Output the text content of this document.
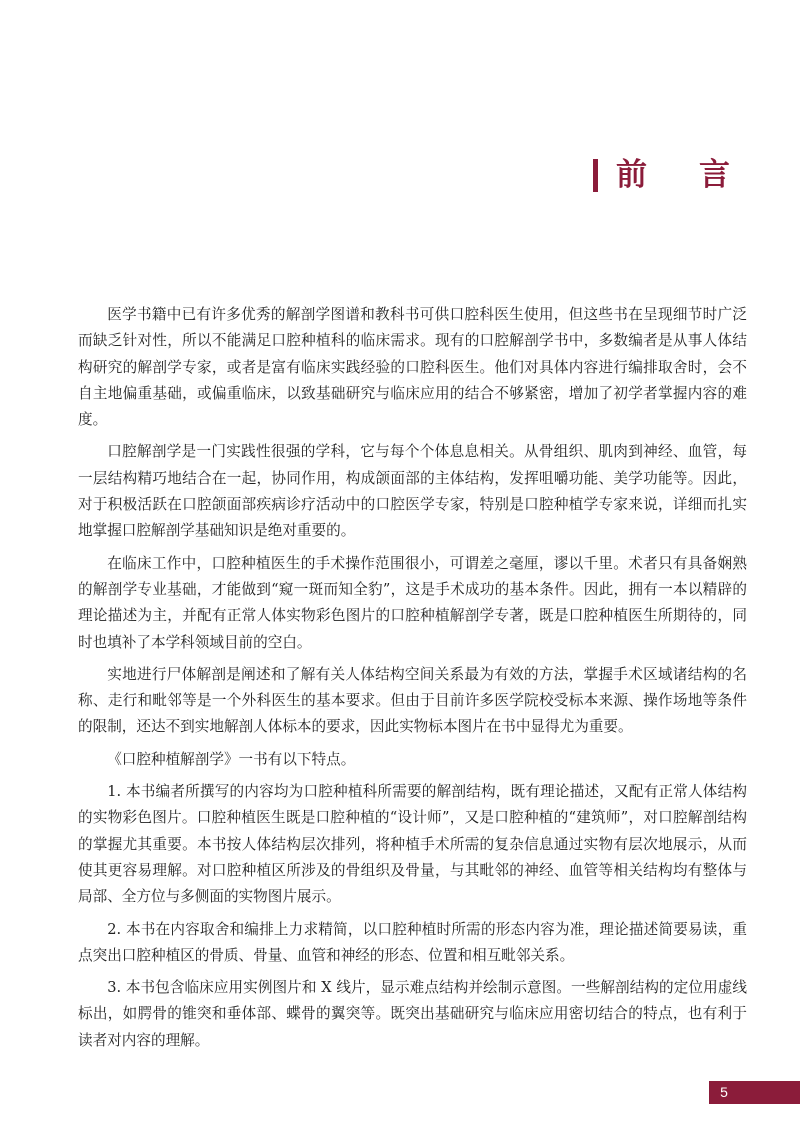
前言

医学书籍中已有许多优秀的解剖学图谱和教科书可供口腔科医生使用，但这些书在呈现细节时广泛而缺乏针对性，所以不能满足口腔种植科的临床需求。现有的口腔解剖学书中，多数编者是从事人体结构研究的解剖学专家，或者是富有临床实践经验的口腔科医生。他们对具体内容进行编排取舍时，会不自主地偏重基础，或偏重临床，以致基础研究与临床应用的结合不够紧密，增加了初学者掌握内容的难度。

口腔解剖学是一门实践性很强的学科，它与每个个体息息相关。从骨组织、肌肉到神经、血管，每一层结构精巧地结合在一起，协同作用，构成颌面部的主体结构，发挥咀嚼功能、美学功能等。因此，对于积极活跃在口腔颌面部疾病诊疗活动中的口腔医学专家，特别是口腔种植学专家来说，详细而扎实地掌握口腔解剖学基础知识是绝对重要的。

在临床工作中，口腔种植医生的手术操作范围很小，可谓差之毫厘，谬以千里。术者只有具备娴熟的解剖学专业基础，才能做到“窥一斑而知全豹”，这是手术成功的基本条件。因此，拥有一本以精辟的理论描述为主，并配有正常人体实物彩色图片的口腔种植解剖学专著，既是口腔种植医生所期待的，同时也填补了本学科领域目前的空白。

实地进行尸体解剖是阐述和了解有关人体结构空间关系最为有效的方法，掌握手术区域诸结构的名称、走行和毗邻等是一个外科医生的基本要求。但由于目前许多医学院校受标本来源、操作场地等条件的限制，还达不到实地解剖人体标本的要求，因此实物标本图片在书中显得尤为重要。

《口腔种植解剖学》一书有以下特点。

1. 本书编者所撰写的内容均为口腔种植科所需要的解剖结构，既有理论描述，又配有正常人体结构的实物彩色图片。口腔种植医生既是口腔种植的“设计师”，又是口腔种植的“建筑师”，对口腔解剖结构的掌握尤其重要。本书按人体结构层次排列，将种植手术所需的复杂信息通过实物有层次地展示，从而使其更容易理解。对口腔种植区所涉及的骨组织及骨量，与其毗邻的神经、血管等相关结构均有整体与局部、全方位与多侧面的实物图片展示。

2. 本书在内容取舍和编排上力求精简，以口腔种植时所需的形态内容为准，理论描述简要易读，重点突出口腔种植区的骨质、骨量、血管和神经的形态、位置和相互毗邻关系。

3. 本书包含临床应用实例图片和 X 线片，显示难点结构并绘制示意图。一些解剖结构的定位用虚线标出，如腭骨的锥突和垂体部、蝶骨的翼突等。既突出基础研究与临床应用密切结合的特点，也有利于读者对内容的理解。

5
